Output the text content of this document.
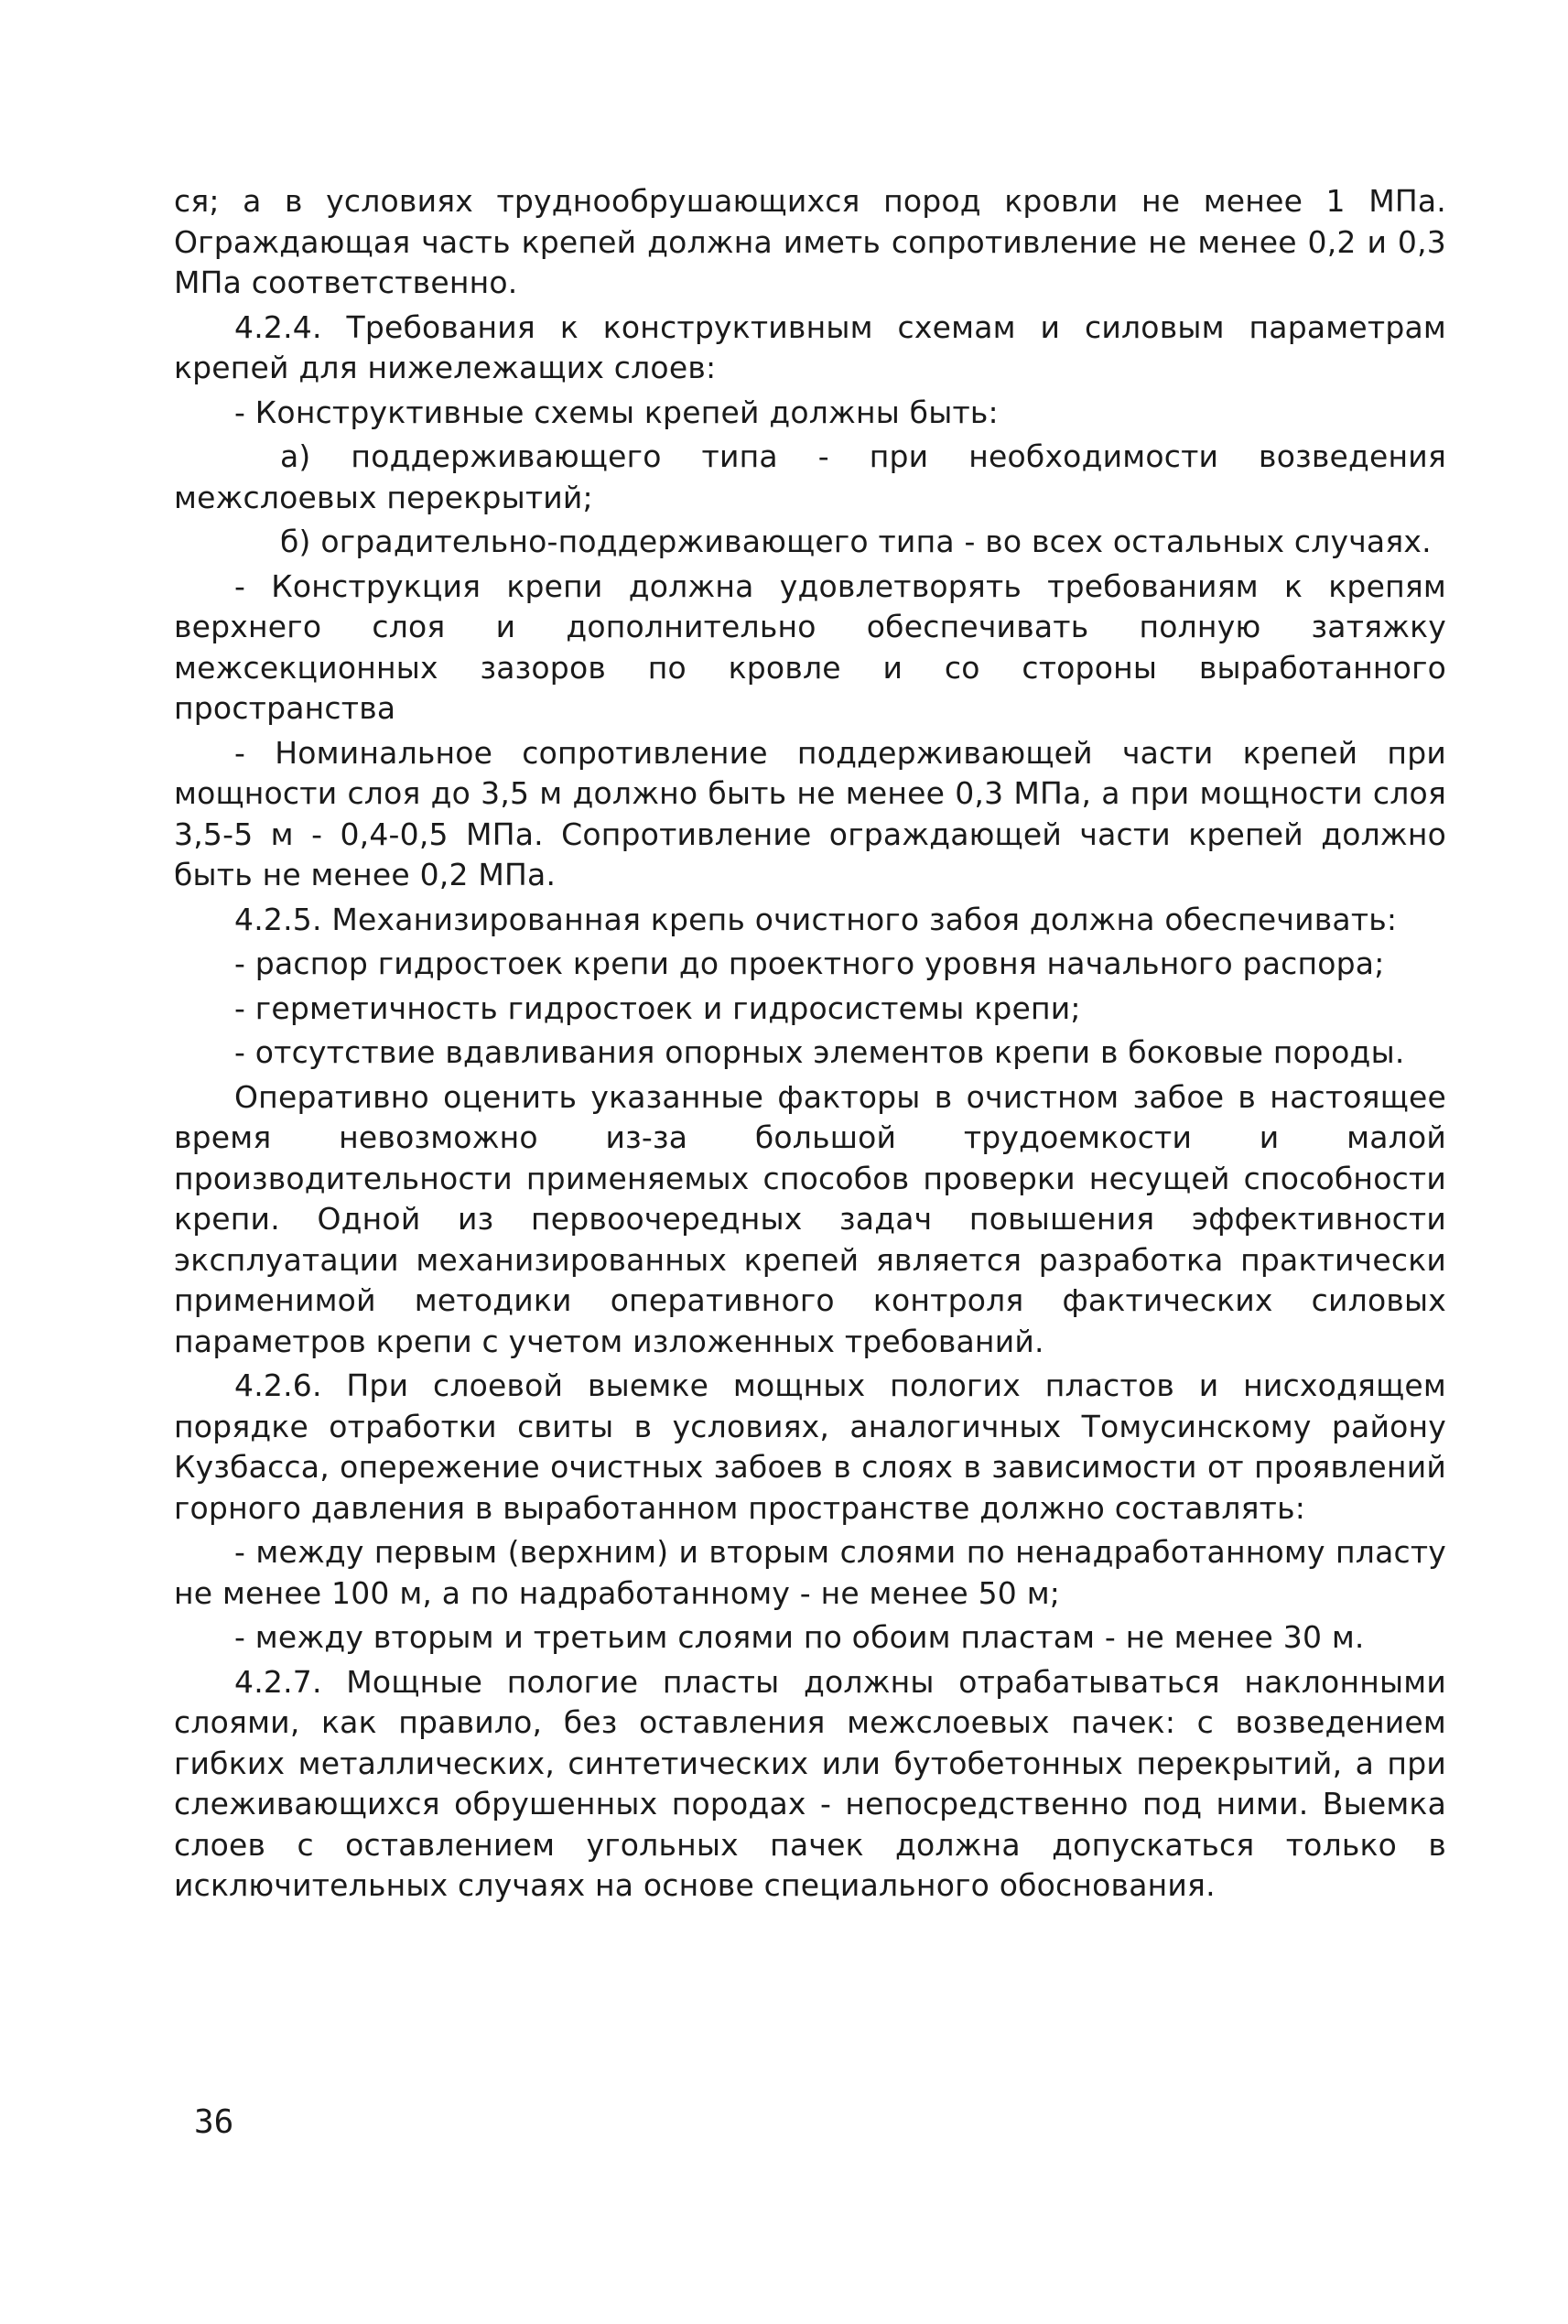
ся; а в условиях труднообрушающихся пород кровли не менее 1 МПа. Ограждающая часть крепей должна иметь сопротивление не менее 0,2 и 0,3 МПа соответственно.

4.2.4. Требования к конструктивным схемам и силовым параметрам крепей для нижележащих слоев:

- Конструктивные схемы крепей должны быть:

а) поддерживающего типа - при необходимости возведения межслоевых перекрытий;

б) оградительно-поддерживающего типа - во всех остальных случаях.

- Конструкция крепи должна удовлетворять требованиям к крепям верхнего слоя и дополнительно обеспечивать полную затяжку межсекционных зазоров по кровле и со стороны выработанного пространства

- Номинальное сопротивление поддерживающей части крепей при мощности слоя до 3,5 м должно быть не менее 0,3 МПа, а при мощности слоя 3,5-5 м - 0,4-0,5 МПа. Сопротивление ограждающей части крепей должно быть не менее 0,2 МПа.

4.2.5. Механизированная крепь очистного забоя должна обеспечивать:

- распор гидростоек крепи до проектного уровня начального распора;

- герметичность гидростоек и гидросистемы крепи;

- отсутствие вдавливания опорных элементов крепи в боковые породы.

Оперативно оценить указанные факторы в очистном забое в настоящее время невозможно из-за большой трудоемкости и малой производительности применяемых способов проверки несущей способности крепи. Одной из первоочередных задач повышения эффективности эксплуатации механизированных крепей является разработка практически применимой методики оперативного контроля фактических силовых параметров крепи с учетом изложенных требований.

4.2.6. При слоевой выемке мощных пологих пластов и нисходящем порядке отработки свиты в условиях, аналогичных Томусинскому району Кузбасса, опережение очистных забоев в слоях в зависимости от проявлений горного давления в выработанном пространстве должно составлять:

- между первым (верхним) и вторым слоями по ненадработанному пласту не менее 100 м, а по надработанному - не менее 50 м;

- между вторым и третьим слоями по обоим пластам - не менее 30 м.

4.2.7. Мощные пологие пласты должны отрабатываться наклонными слоями, как правило, без оставления межслоевых пачек: с возведением гибких металлических, синтетических или бутобетонных перекрытий, а при слеживающихся обрушенных породах - непосредственно под ними. Выемка слоев с оставлением угольных пачек должна допускаться только в исключительных случаях на основе специального обоснования.

36
